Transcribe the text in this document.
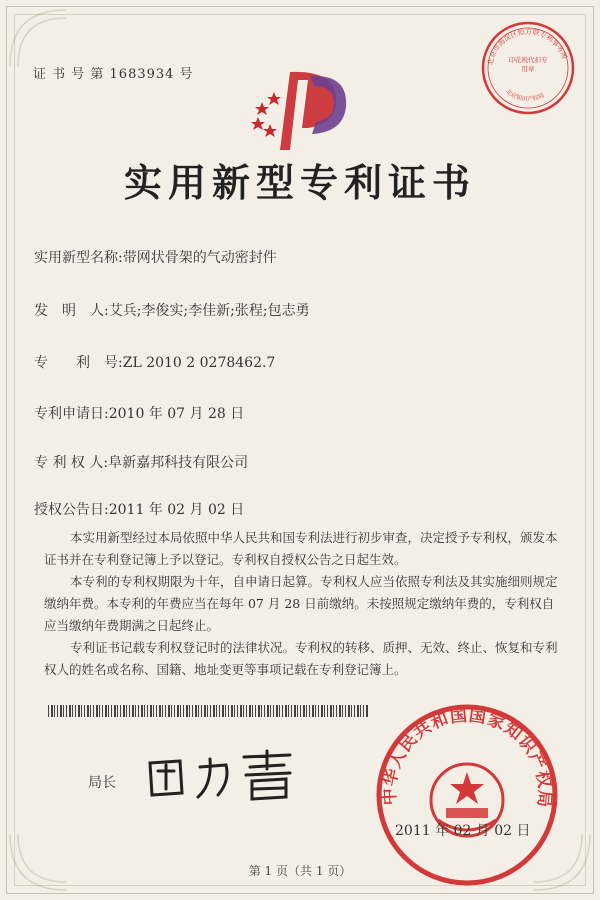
证 书 号 第 1683934 号
北京市海淀区恒方联专利事务所
北京知识产权局
印花税代扣专用章
实用新型专利证书
实用新型名称:带网状骨架的气动密封件
发　明　人:艾兵;李俊实;李佳新;张程;包志勇
专　　利　号:ZL 2010 2 0278462.7
专利申请日:2010 年 07 月 28 日
专 利 权 人:阜新嘉邦科技有限公司
授权公告日:2011 年 02 月 02 日

本实用新型经过本局依照中华人民共和国专利法进行初步审查，决定授予专利权，颁发本证书并在专利登记簿上予以登记。专利权自授权公告之日起生效。

本专利的专利权期限为十年，自申请日起算。专利权人应当依照专利法及其实施细则规定缴纳年费。本专利的年费应当在每年 07 月 28 日前缴纳。未按照规定缴纳年费的，专利权自应当缴纳年费期满之日起终止。

专利证书记载专利权登记时的法律状况。专利权的转移、质押、无效、终止、恢复和专利权人的姓名或名称、国籍、地址变更等事项记载在专利登记簿上。

局长
中华人民共和国国家知识产权局
2011 年 02 月 02 日
第 1 页（共 1 页）
